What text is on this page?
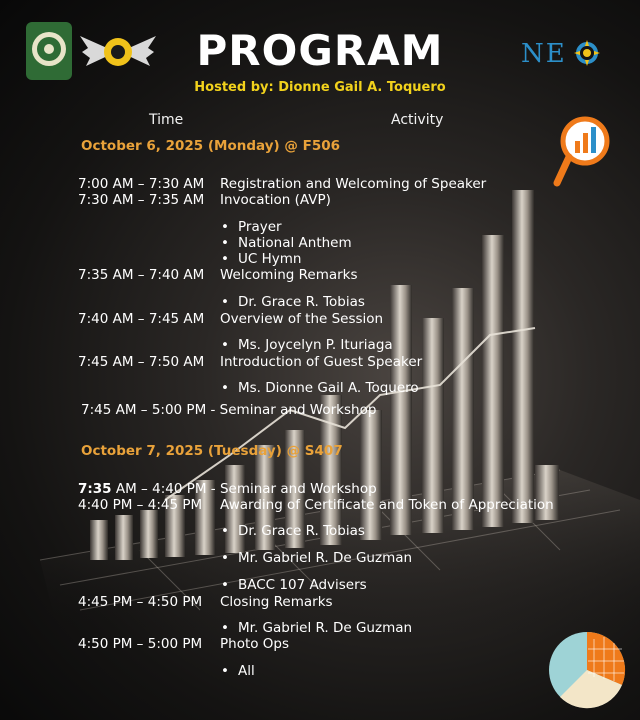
NE
PROGRAM
Hosted by: Dionne Gail A. Toquero
Time	Activity
October 6, 2025 (Monday) @ F506
7:00 AM – 7:30 AM Registration and Welcoming of Speaker
7:30 AM – 7:35 AM Invocation (AVP)
• Prayer
• National Anthem
• UC Hymn
7:35 AM – 7:40 AM Welcoming Remarks
• Dr. Grace R. Tobias
7:40 AM – 7:45 AM Overview of the Session
• Ms. Joycelyn P. Ituriaga
7:45 AM – 7:50 AM Introduction of Guest Speaker
• Ms. Dionne Gail A. Toquero
7:45 AM – 5:00 PM - Seminar and Workshop
October 7, 2025 (Tuesday) @ S407
7:35 AM – 4:40 PM - Seminar and Workshop
4:40 PM – 4:45 PM Awarding of Certificate and Token of Appreciation
• Dr. Grace R. Tobias
• Mr. Gabriel R. De Guzman
• BACC 107 Advisers
4:45 PM – 4:50 PM Closing Remarks
• Mr. Gabriel R. De Guzman
4:50 PM – 5:00 PM Photo Ops
• All
